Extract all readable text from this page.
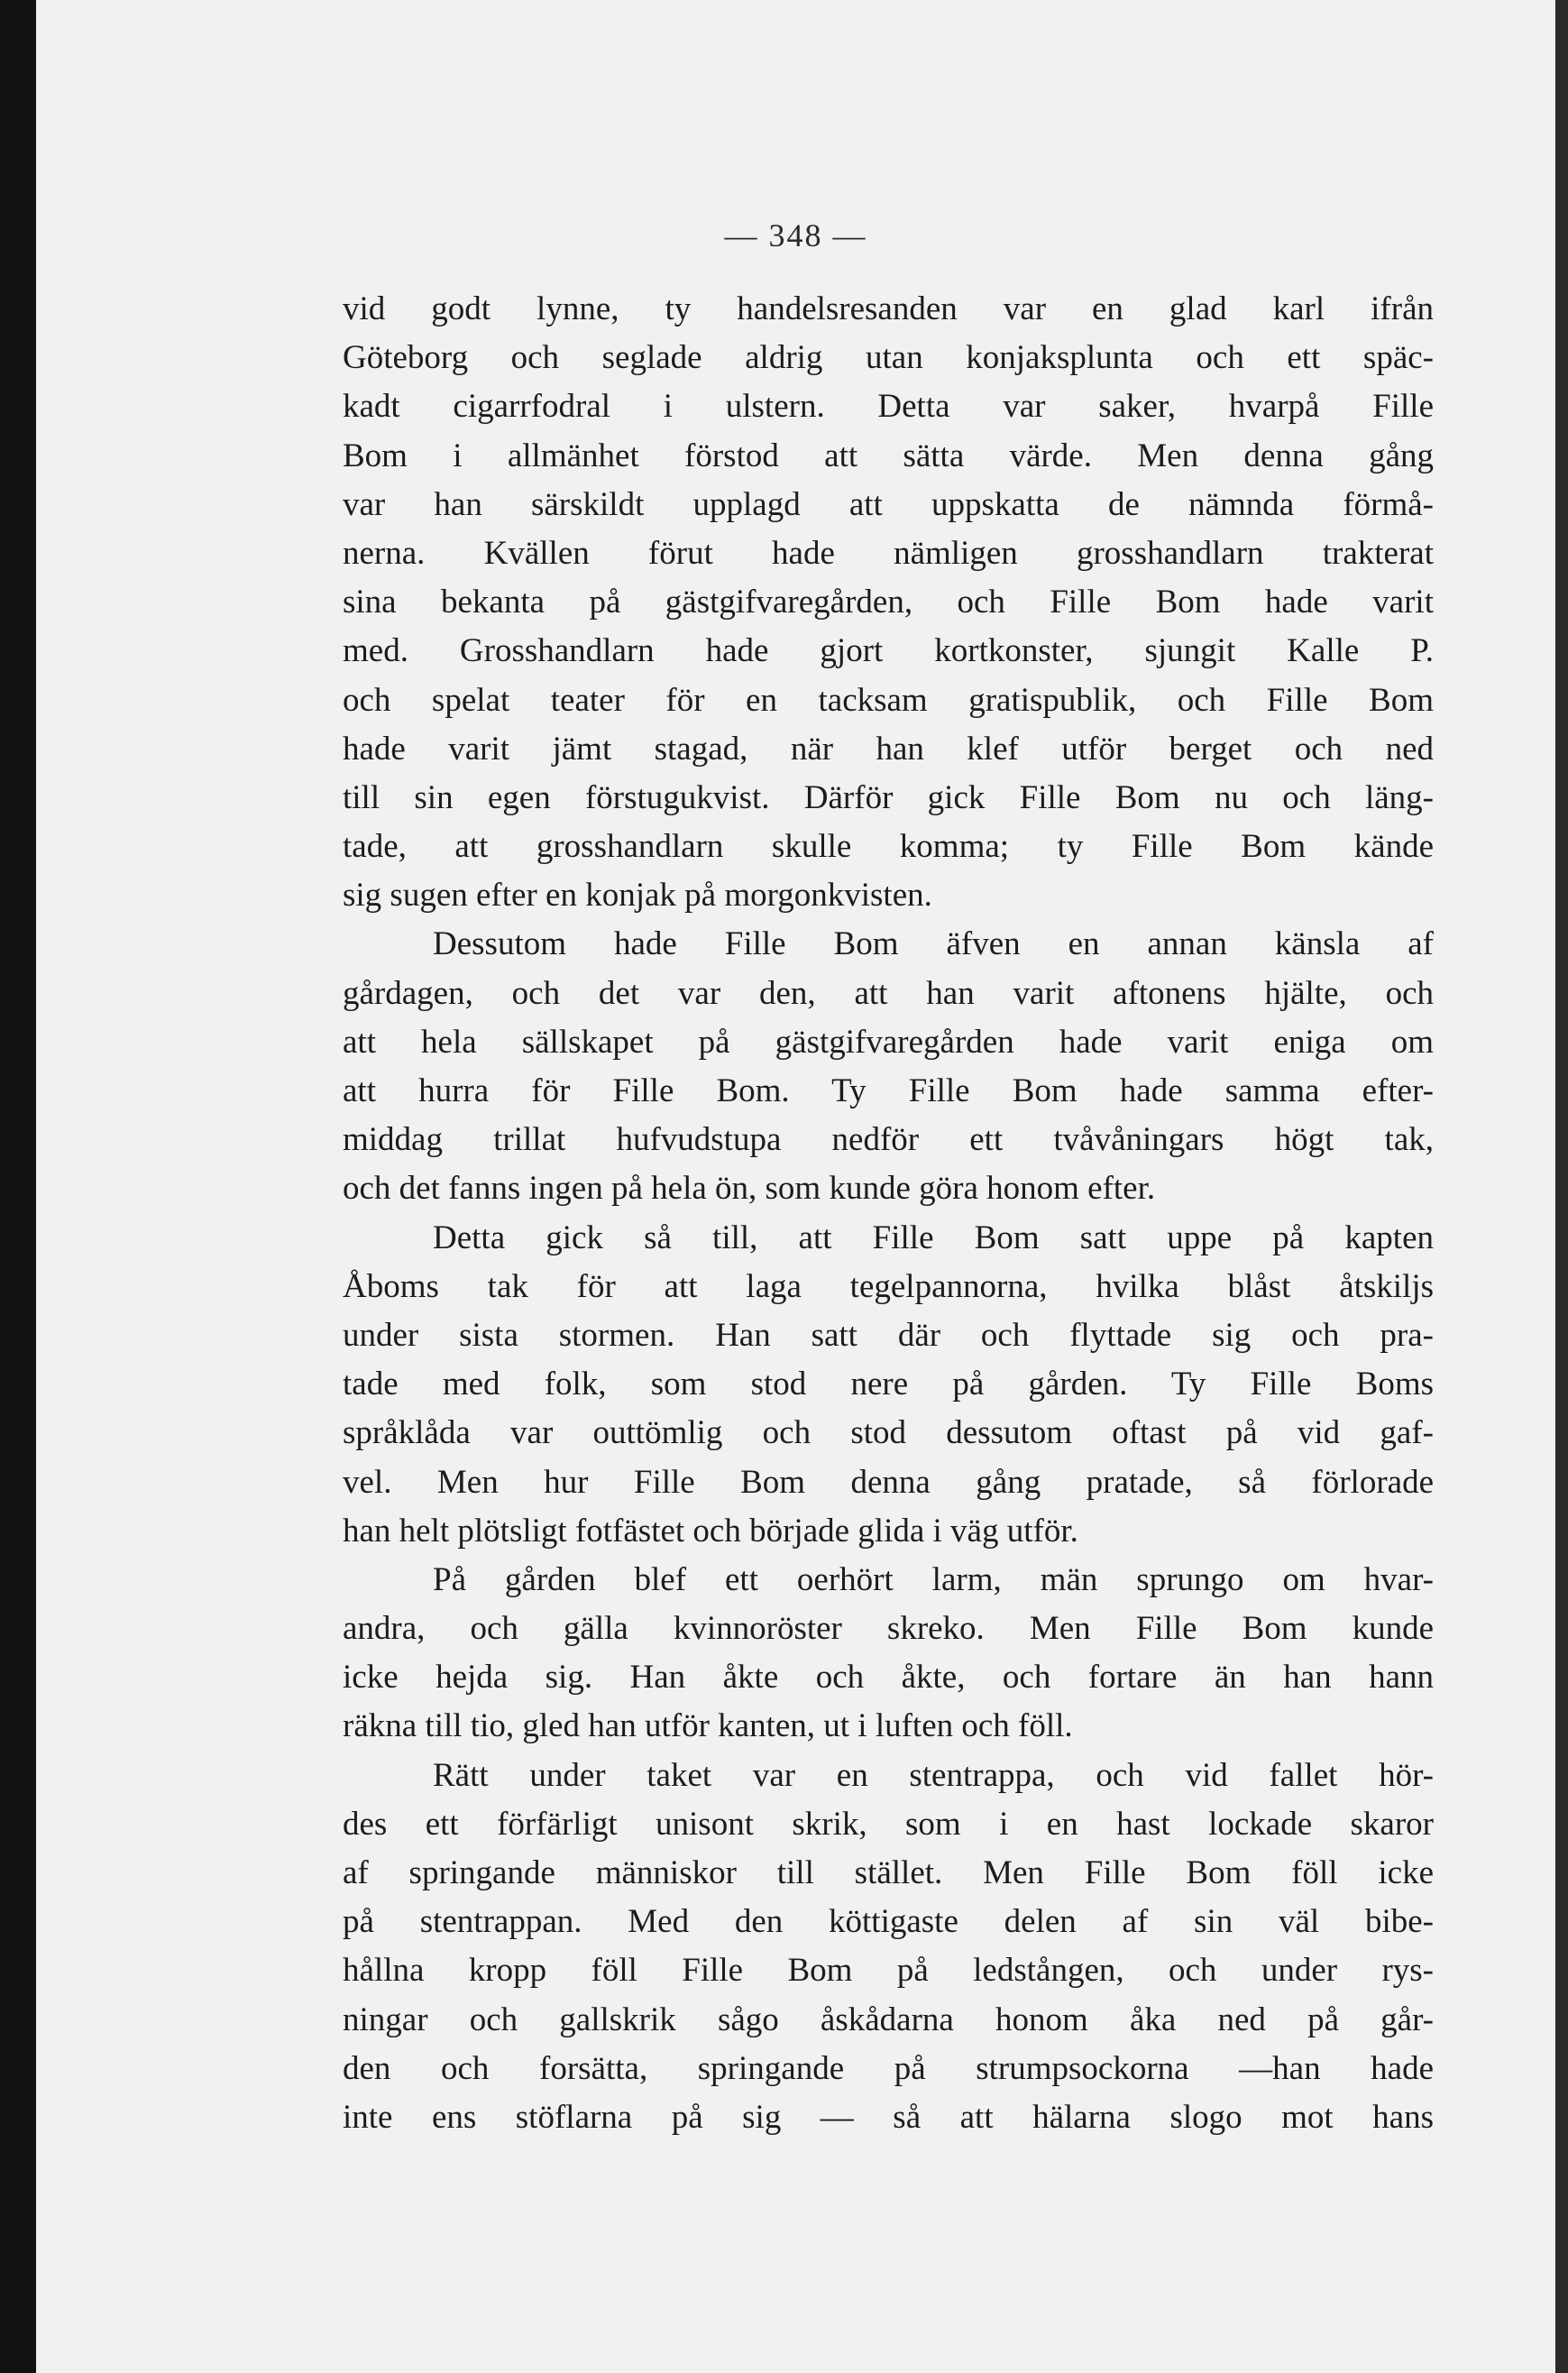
— 348 —
vid godt lynne, ty handelsresanden var en glad karl ifrån
Göteborg och seglade aldrig utan konjaksplunta och ett späc-
kadt cigarrfodral i ulstern. Detta var saker, hvarpå Fille
Bom i allmänhet förstod att sätta värde. Men denna gång
var han särskildt upplagd att uppskatta de nämnda förmå-
nerna. Kvällen förut hade nämligen grosshandlarn trakterat
sina bekanta på gästgifvaregården, och Fille Bom hade varit
med. Grosshandlarn hade gjort kortkonster, sjungit Kalle P.
och spelat teater för en tacksam gratispublik, och Fille Bom
hade varit jämt stagad, när han klef utför berget och ned
till sin egen förstugukvist. Därför gick Fille Bom nu och läng-
tade, att grosshandlarn skulle komma; ty Fille Bom kände
sig sugen efter en konjak på morgonkvisten.
Dessutom hade Fille Bom äfven en annan känsla af
gårdagen, och det var den, att han varit aftonens hjälte, och
att hela sällskapet på gästgifvaregården hade varit eniga om
att hurra för Fille Bom. Ty Fille Bom hade samma efter-
middag trillat hufvudstupa nedför ett tvåvåningars högt tak,
och det fanns ingen på hela ön, som kunde göra honom efter.
Detta gick så till, att Fille Bom satt uppe på kapten
Åboms tak för att laga tegelpannorna, hvilka blåst åtskiljs
under sista stormen. Han satt där och flyttade sig och pra-
tade med folk, som stod nere på gården. Ty Fille Boms
språklåda var outtömlig och stod dessutom oftast på vid gaf-
vel. Men hur Fille Bom denna gång pratade, så förlorade
han helt plötsligt fotfästet och började glida i väg utför.
På gården blef ett oerhört larm, män sprungo om hvar-
andra, och gälla kvinnoröster skreko. Men Fille Bom kunde
icke hejda sig. Han åkte och åkte, och fortare än han hann
räkna till tio, gled han utför kanten, ut i luften och föll.
Rätt under taket var en stentrappa, och vid fallet hör-
des ett förfärligt unisont skrik, som i en hast lockade skaror
af springande människor till stället. Men Fille Bom föll icke
på stentrappan. Med den köttigaste delen af sin väl bibe-
hållna kropp föll Fille Bom på ledstången, och under rys-
ningar och gallskrik sågo åskådarna honom åka ned på går-
den och forsätta, springande på strumpsockorna —han hade
inte ens stöflarna på sig — så att hälarna slogo mot hans
